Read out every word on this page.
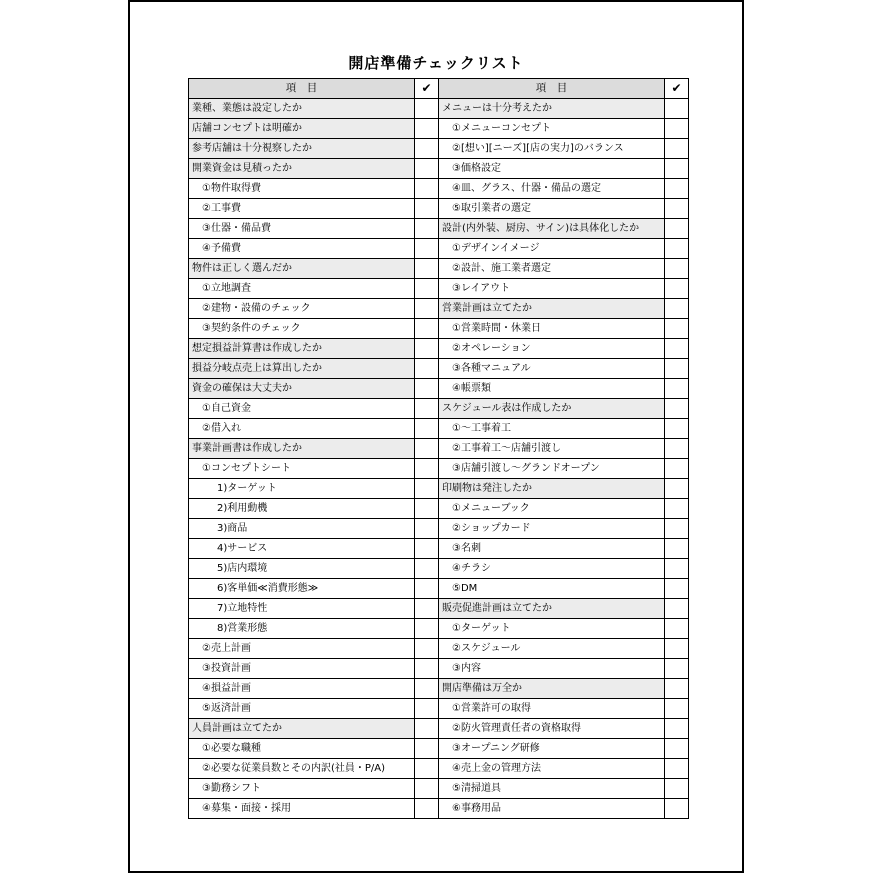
開店準備チェックリスト
項　目	✔	項　目	✔
業種、業態は設定したか		メニューは十分考えたか	
店舗コンセプトは明確か		①メニューコンセプト	
参考店舗は十分視察したか		②[想い][ニーズ][店の実力]のバランス	
開業資金は見積ったか		③価格設定	
①物件取得費		④皿、グラス、什器・備品の選定	
②工事費		⑤取引業者の選定	
③仕器・備品費		設計(内外装、厨房、サイン)は具体化したか	
④予備費		①デザインイメージ	
物件は正しく選んだか		②設計、施工業者選定	
①立地調査		③レイアウト	
②建物・設備のチェック		営業計画は立てたか	
③契約条件のチェック		①営業時間・休業日	
想定損益計算書は作成したか		②オペレーション	
損益分岐点売上は算出したか		③各種マニュアル	
資金の確保は大丈夫か		④帳票類	
①自己資金		スケジュール表は作成したか	
②借入れ		①～工事着工	
事業計画書は作成したか		②工事着工～店舗引渡し	
①コンセプトシート		③店舗引渡し～グランドオープン	
1)ターゲット		印刷物は発注したか	
2)利用動機		①メニューブック	
3)商品		②ショップカード	
4)サービス		③名刺	
5)店内環境		④チラシ	
6)客単価≪消費形態≫		⑤DM	
7)立地特性		販売促進計画は立てたか	
8)営業形態		①ターゲット	
②売上計画		②スケジュール	
③投資計画		③内容	
④損益計画		開店準備は万全か	
⑤返済計画		①営業許可の取得	
人員計画は立てたか		②防火管理責任者の資格取得	
①必要な職種		③オープニング研修	
②必要な従業員数とその内訳(社員・P/A)		④売上金の管理方法	
③勤務シフト		⑤清掃道具	
④募集・面接・採用		⑥事務用品	
